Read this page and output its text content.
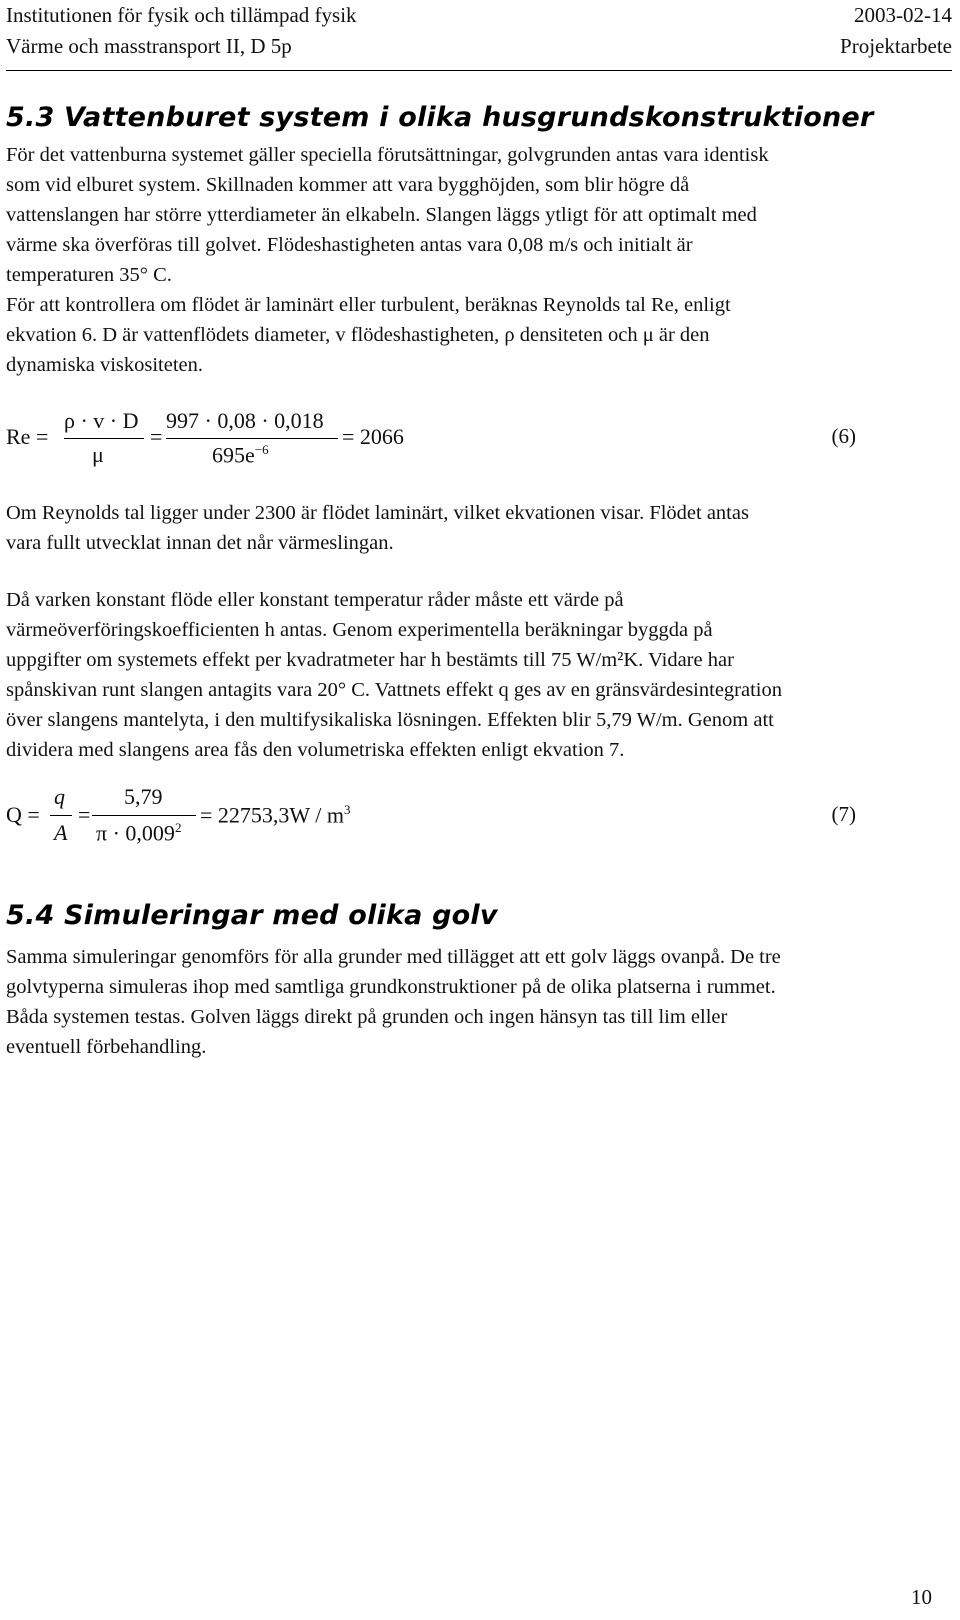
Institutionen för fysik och tillämpad fysik	2003-02-14
Värme och masstransport II, D 5p	Projektarbete
5.3 Vattenburet system i olika husgrundskonstruktioner
För det vattenburna systemet gäller speciella förutsättningar, golvgrunden antas vara identisk
som vid elburet system. Skillnaden kommer att vara bygghöjden, som blir högre då
vattenslangen har större ytterdiameter än elkabeln. Slangen läggs ytligt för att optimalt med
värme ska överföras till golvet. Flödeshastigheten antas vara 0,08 m/s och initialt är
temperaturen 35° C.
För att kontrollera om flödet är laminärt eller turbulent, beräknas Reynolds tal Re, enligt
ekvation 6. D är vattenflödets diameter, v flödeshastigheten, ρ densiteten och μ är den
dynamiska viskositeten.
Re =
ρ · v · D
μ
=
997 · 0,08 · 0,018
$695e^{-6}$
= 2066	(6)
Om Reynolds tal ligger under 2300 är flödet laminärt, vilket ekvationen visar. Flödet antas
vara fullt utvecklat innan det når värmeslingan.
Då varken konstant flöde eller konstant temperatur råder måste ett värde på
värmeöverföringskoefficienten h antas. Genom experimentella beräkningar byggda på
uppgifter om systemets effekt per kvadratmeter har h bestämts till 75 W/m²K. Vidare har
spånskivan runt slangen antagits vara 20° C. Vattnets effekt q ges av en gränsvärdesintegration
över slangens mantelyta, i den multifysikaliska lösningen. Effekten blir 5,79 W/m. Genom att
dividera med slangens area fås den volumetriska effekten enligt ekvation 7.
Q =
q
A
=
5,79
$\pi \cdot 0,009^2$
= $22753,3W / m^3$	(7)
5.4 Simuleringar med olika golv
Samma simuleringar genomförs för alla grunder med tillägget att ett golv läggs ovanpå. De tre
golvtyperna simuleras ihop med samtliga grundkonstruktioner på de olika platserna i rummet.
Båda systemen testas. Golven läggs direkt på grunden och ingen hänsyn tas till lim eller
eventuell förbehandling.
10
